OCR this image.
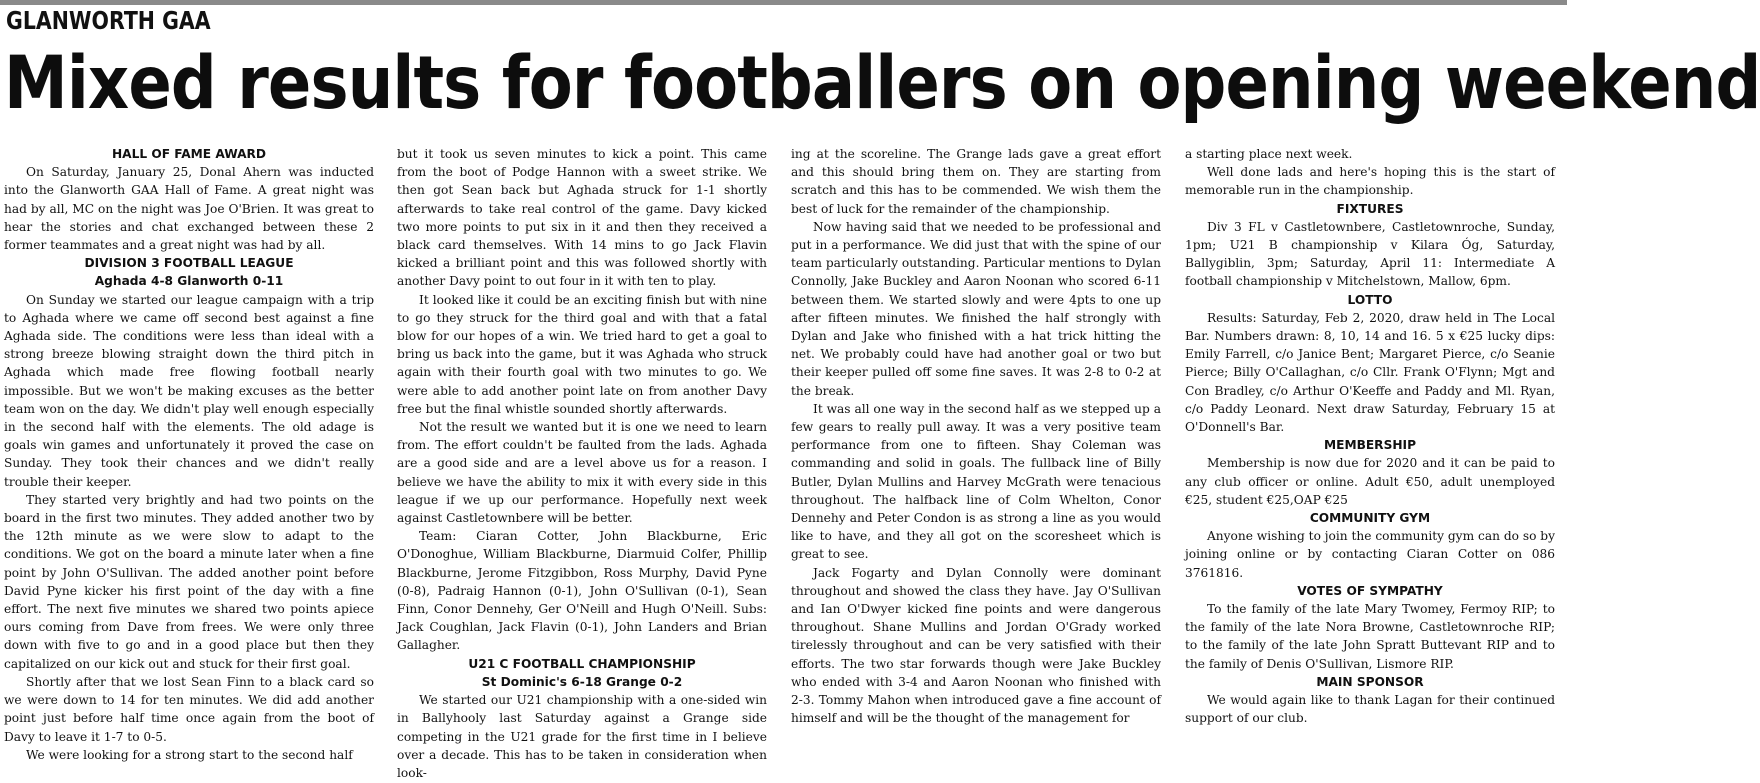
GLANWORTH GAA
Mixed results for footballers on opening weekend
HALL OF FAME AWARD

On Saturday, January 25, Donal Ahern was inducted into the Glanworth GAA Hall of Fame. A great night was had by all, MC on the night was Joe O'Brien. It was great to hear the stories and chat exchanged between these 2 former teammates and a great night was had by all.

DIVISION 3 FOOTBALL LEAGUE
Aghada 4-8 Glanworth 0-11

On Sunday we started our league campaign with a trip to Aghada where we came off second best against a fine Aghada side. The conditions were less than ideal with a strong breeze blowing straight down the third pitch in Aghada which made free flowing football nearly impossible. But we won't be making excuses as the better team won on the day. We didn't play well enough especially in the second half with the elements. The old adage is goals win games and unfortunately it proved the case on Sunday. They took their chances and we didn't really trouble their keeper.

They started very brightly and had two points on the board in the first two minutes. They added another two by the 12th minute as we were slow to adapt to the conditions. We got on the board a minute later when a fine point by John O'Sullivan. The added another point before David Pyne kicker his first point of the day with a fine effort. The next five minutes we shared two points apiece ours coming from Dave from frees. We were only three down with five to go and in a good place but then they capitalized on our kick out and stuck for their first goal.

Shortly after that we lost Sean Finn to a black card so we were down to 14 for ten minutes. We did add another point just before half time once again from the boot of Davy to leave it 1-7 to 0-5.

We were looking for a strong start to the second half

but it took us seven minutes to kick a point. This came from the boot of Podge Hannon with a sweet strike. We then got Sean back but Aghada struck for 1-1 shortly afterwards to take real control of the game. Davy kicked two more points to put six in it and then they received a black card themselves. With 14 mins to go Jack Flavin kicked a brilliant point and this was followed shortly with another Davy point to out four in it with ten to play.

It looked like it could be an exciting finish but with nine to go they struck for the third goal and with that a fatal blow for our hopes of a win. We tried hard to get a goal to bring us back into the game, but it was Aghada who struck again with their fourth goal with two minutes to go. We were able to add another point late on from another Davy free but the final whistle sounded shortly afterwards.

Not the result we wanted but it is one we need to learn from. The effort couldn't be faulted from the lads. Aghada are a good side and are a level above us for a reason. I believe we have the ability to mix it with every side in this league if we up our performance. Hopefully next week against Castletownbere will be better.

Team: Ciaran Cotter, John Blackburne, Eric O'Donoghue, William Blackburne, Diarmuid Colfer, Phillip Blackburne, Jerome Fitzgibbon, Ross Murphy, David Pyne (0-8), Padraig Hannon (0-1), John O'Sullivan (0-1), Sean Finn, Conor Dennehy, Ger O'Neill and Hugh O'Neill. Subs: Jack Coughlan, Jack Flavin (0-1), John Landers and Brian Gallagher.

U21 C FOOTBALL CHAMPIONSHIP
St Dominic's 6-18 Grange 0-2

We started our U21 championship with a one-sided win in Ballyhooly last Saturday against a Grange side competing in the U21 grade for the first time in I believe over a decade. This has to be taken in consideration when look-

ing at the scoreline. The Grange lads gave a great effort and this should bring them on. They are starting from scratch and this has to be commended. We wish them the best of luck for the remainder of the championship.

Now having said that we needed to be professional and put in a performance. We did just that with the spine of our team particularly outstanding. Particular mentions to Dylan Connolly, Jake Buckley and Aaron Noonan who scored 6-11 between them. We started slowly and were 4pts to one up after fifteen minutes. We finished the half strongly with Dylan and Jake who finished with a hat trick hitting the net. We probably could have had another goal or two but their keeper pulled off some fine saves. It was 2-8 to 0-2 at the break.

It was all one way in the second half as we stepped up a few gears to really pull away. It was a very positive team performance from one to fifteen. Shay Coleman was commanding and solid in goals. The fullback line of Billy Butler, Dylan Mullins and Harvey McGrath were tenacious throughout. The halfback line of Colm Whelton, Conor Dennehy and Peter Condon is as strong a line as you would like to have, and they all got on the scoresheet which is great to see.

Jack Fogarty and Dylan Connolly were dominant throughout and showed the class they have. Jay O'Sullivan and Ian O'Dwyer kicked fine points and were dangerous throughout. Shane Mullins and Jordan O'Grady worked tirelessly throughout and can be very satisfied with their efforts. The two star forwards though were Jake Buckley who ended with 3-4 and Aaron Noonan who finished with 2-3. Tommy Mahon when introduced gave a fine account of himself and will be the thought of the management for

a starting place next week.

Well done lads and here's hoping this is the start of memorable run in the championship.

FIXTURES

Div 3 FL v Castletownbere, Castletownroche, Sunday, 1pm; U21 B championship v Kilara Óg, Saturday, Ballygiblin, 3pm; Saturday, April 11: Intermediate A football championship v Mitchelstown, Mallow, 6pm.

LOTTO

Results: Saturday, Feb 2, 2020, draw held in The Local Bar. Numbers drawn: 8, 10, 14 and 16. 5 x €25 lucky dips: Emily Farrell, c/o Janice Bent; Margaret Pierce, c/o Seanie Pierce; Billy O'Callaghan, c/o Cllr. Frank O'Flynn; Mgt and Con Bradley, c/o Arthur O'Keeffe and Paddy and Ml. Ryan, c/o Paddy Leonard. Next draw Saturday, February 15 at O'Donnell's Bar.

MEMBERSHIP

Membership is now due for 2020 and it can be paid to any club officer or online. Adult €50, adult unemployed €25, student €25,OAP €25

COMMUNITY GYM

Anyone wishing to join the community gym can do so by joining online or by contacting Ciaran Cotter on 086 3761816.

VOTES OF SYMPATHY

To the family of the late Mary Twomey, Fermoy RIP; to the family of the late Nora Browne, Castletownroche RIP; to the family of the late John Spratt Buttevant RIP and to the family of Denis O'Sullivan, Lismore RIP.

MAIN SPONSOR

We would again like to thank Lagan for their continued support of our club.
